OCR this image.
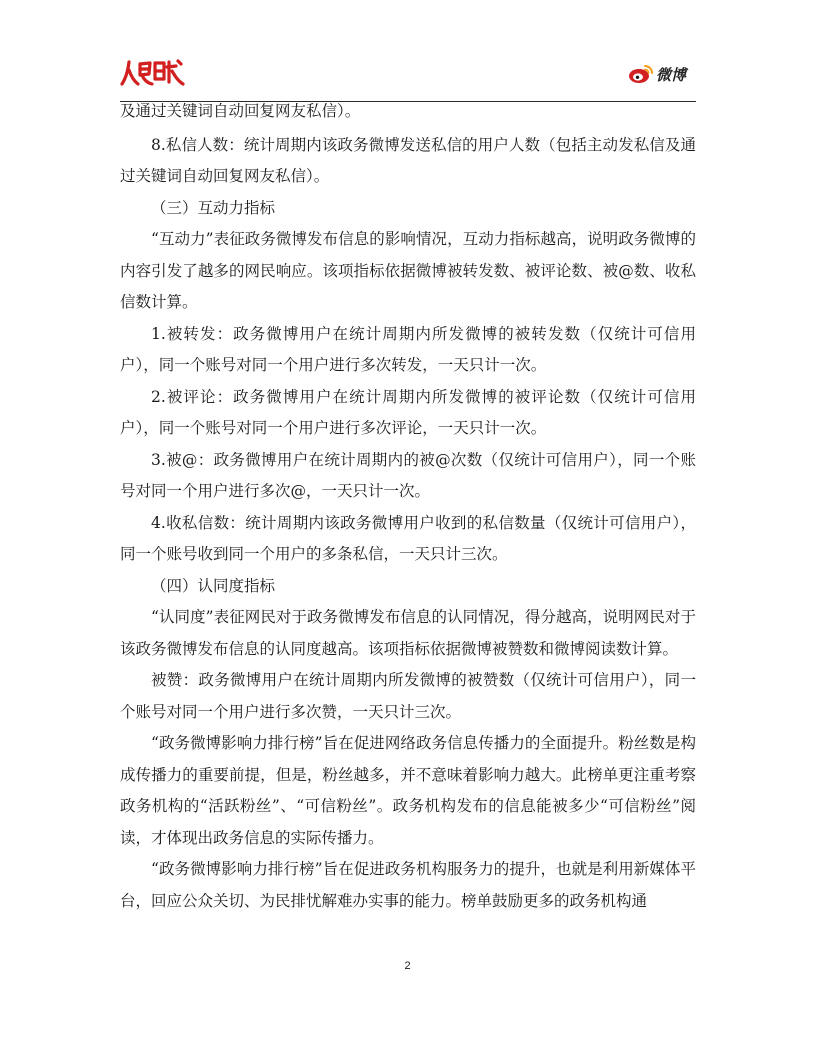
微博

及通过关键词自动回复网友私信）。

8.私信人数：统计周期内该政务微博发送私信的用户人数（包括主动发私信及通过关键词自动回复网友私信）。

（三）互动力指标

“互动力”表征政务微博发布信息的影响情况，互动力指标越高，说明政务微博的内容引发了越多的网民响应。该项指标依据微博被转发数、被评论数、被@数、收私信数计算。

1.被转发：政务微博用户在统计周期内所发微博的被转发数（仅统计可信用户），同一个账号对同一个用户进行多次转发，一天只计一次。

2.被评论：政务微博用户在统计周期内所发微博的被评论数（仅统计可信用户），同一个账号对同一个用户进行多次评论，一天只计一次。

3.被@：政务微博用户在统计周期内的被@次数（仅统计可信用户），同一个账号对同一个用户进行多次@，一天只计一次。

4.收私信数：统计周期内该政务微博用户收到的私信数量（仅统计可信用户），同一个账号收到同一个用户的多条私信，一天只计三次。

（四）认同度指标

“认同度”表征网民对于政务微博发布信息的认同情况，得分越高，说明网民对于该政务微博发布信息的认同度越高。该项指标依据微博被赞数和微博阅读数计算。

被赞：政务微博用户在统计周期内所发微博的被赞数（仅统计可信用户），同一个账号对同一个用户进行多次赞，一天只计三次。

“政务微博影响力排行榜”旨在促进网络政务信息传播力的全面提升。粉丝数是构成传播力的重要前提，但是，粉丝越多，并不意味着影响力越大。此榜单更注重考察政务机构的“活跃粉丝”、“可信粉丝”。政务机构发布的信息能被多少“可信粉丝”阅读，才体现出政务信息的实际传播力。

“政务微博影响力排行榜”旨在促进政务机构服务力的提升，也就是利用新媒体平台，回应公众关切、为民排忧解难办实事的能力。榜单鼓励更多的政务机构通

2
